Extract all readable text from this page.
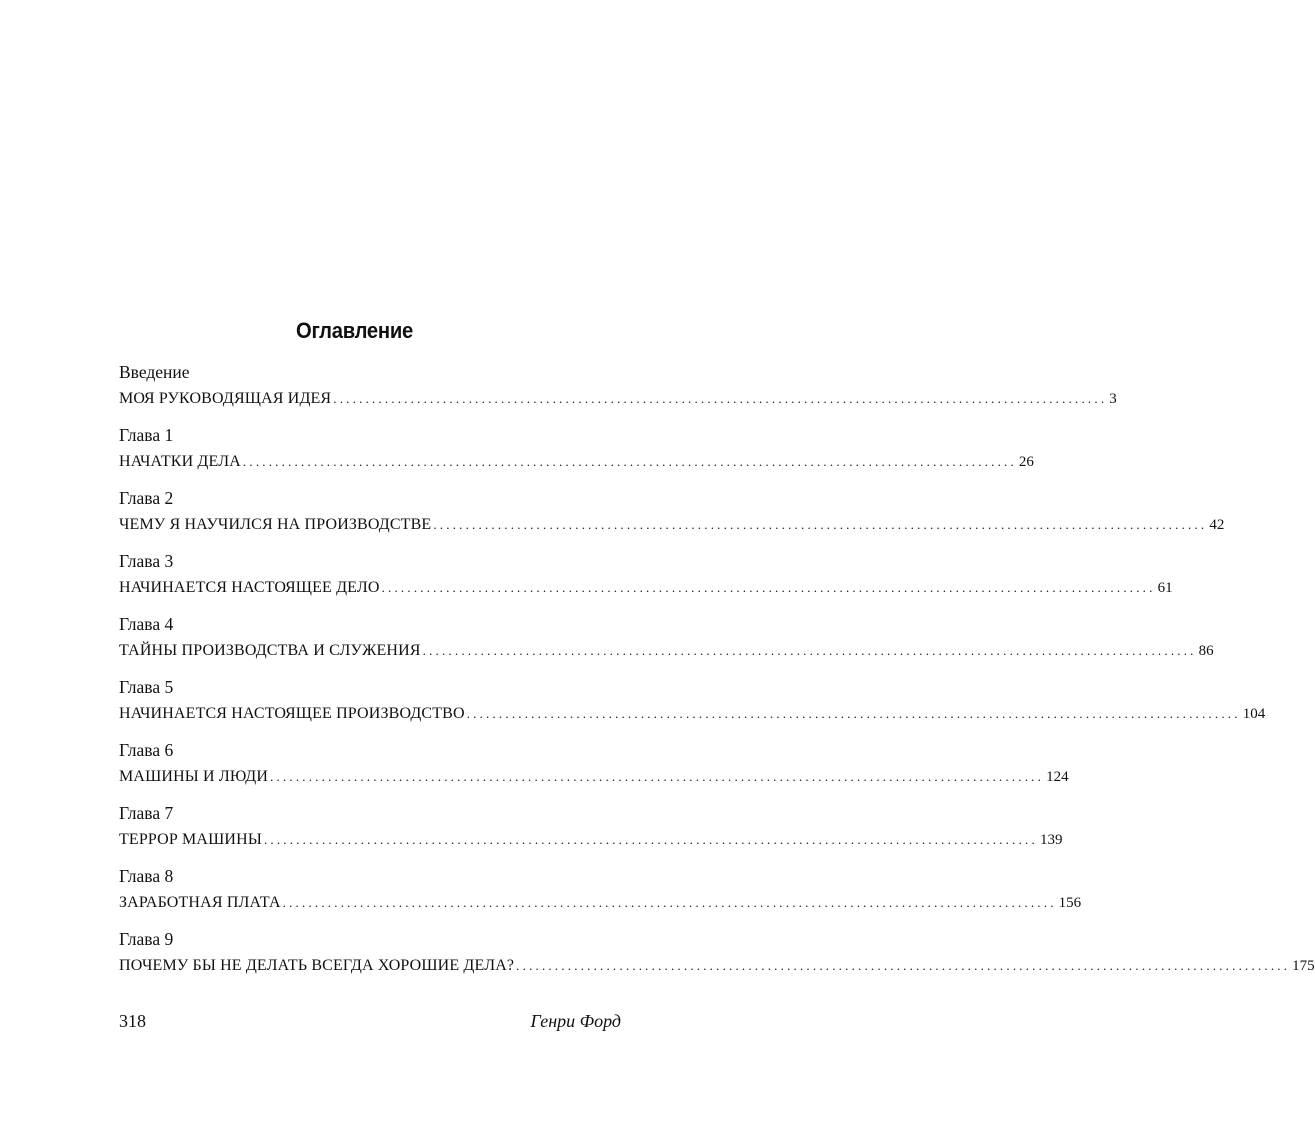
Оглавление
Введение
МОЯ РУКОВОДЯЩАЯ ИДЕЯ ........................................................................................................................ 3
Глава 1
НАЧАТКИ ДЕЛА ........................................................................................................................ 26
Глава 2
ЧЕМУ Я НАУЧИЛСЯ НА ПРОИЗВОДСТВЕ ........................................................................................................................ 42
Глава 3
НАЧИНАЕТСЯ НАСТОЯЩЕЕ ДЕЛО ........................................................................................................................ 61
Глава 4
ТАЙНЫ ПРОИЗВОДСТВА И СЛУЖЕНИЯ ........................................................................................................................ 86
Глава 5
НАЧИНАЕТСЯ НАСТОЯЩЕЕ ПРОИЗВОДСТВО ........................................................................................................................ 104
Глава 6
МАШИНЫ И ЛЮДИ ........................................................................................................................ 124
Глава 7
ТЕРРОР МАШИНЫ ........................................................................................................................ 139
Глава 8
ЗАРАБОТНАЯ ПЛАТА ........................................................................................................................ 156
Глава 9
ПОЧЕМУ БЫ НЕ ДЕЛАТЬ ВСЕГДА ХОРОШИЕ ДЕЛА? ........................................................................................................................ 175
318	Генри Форд
